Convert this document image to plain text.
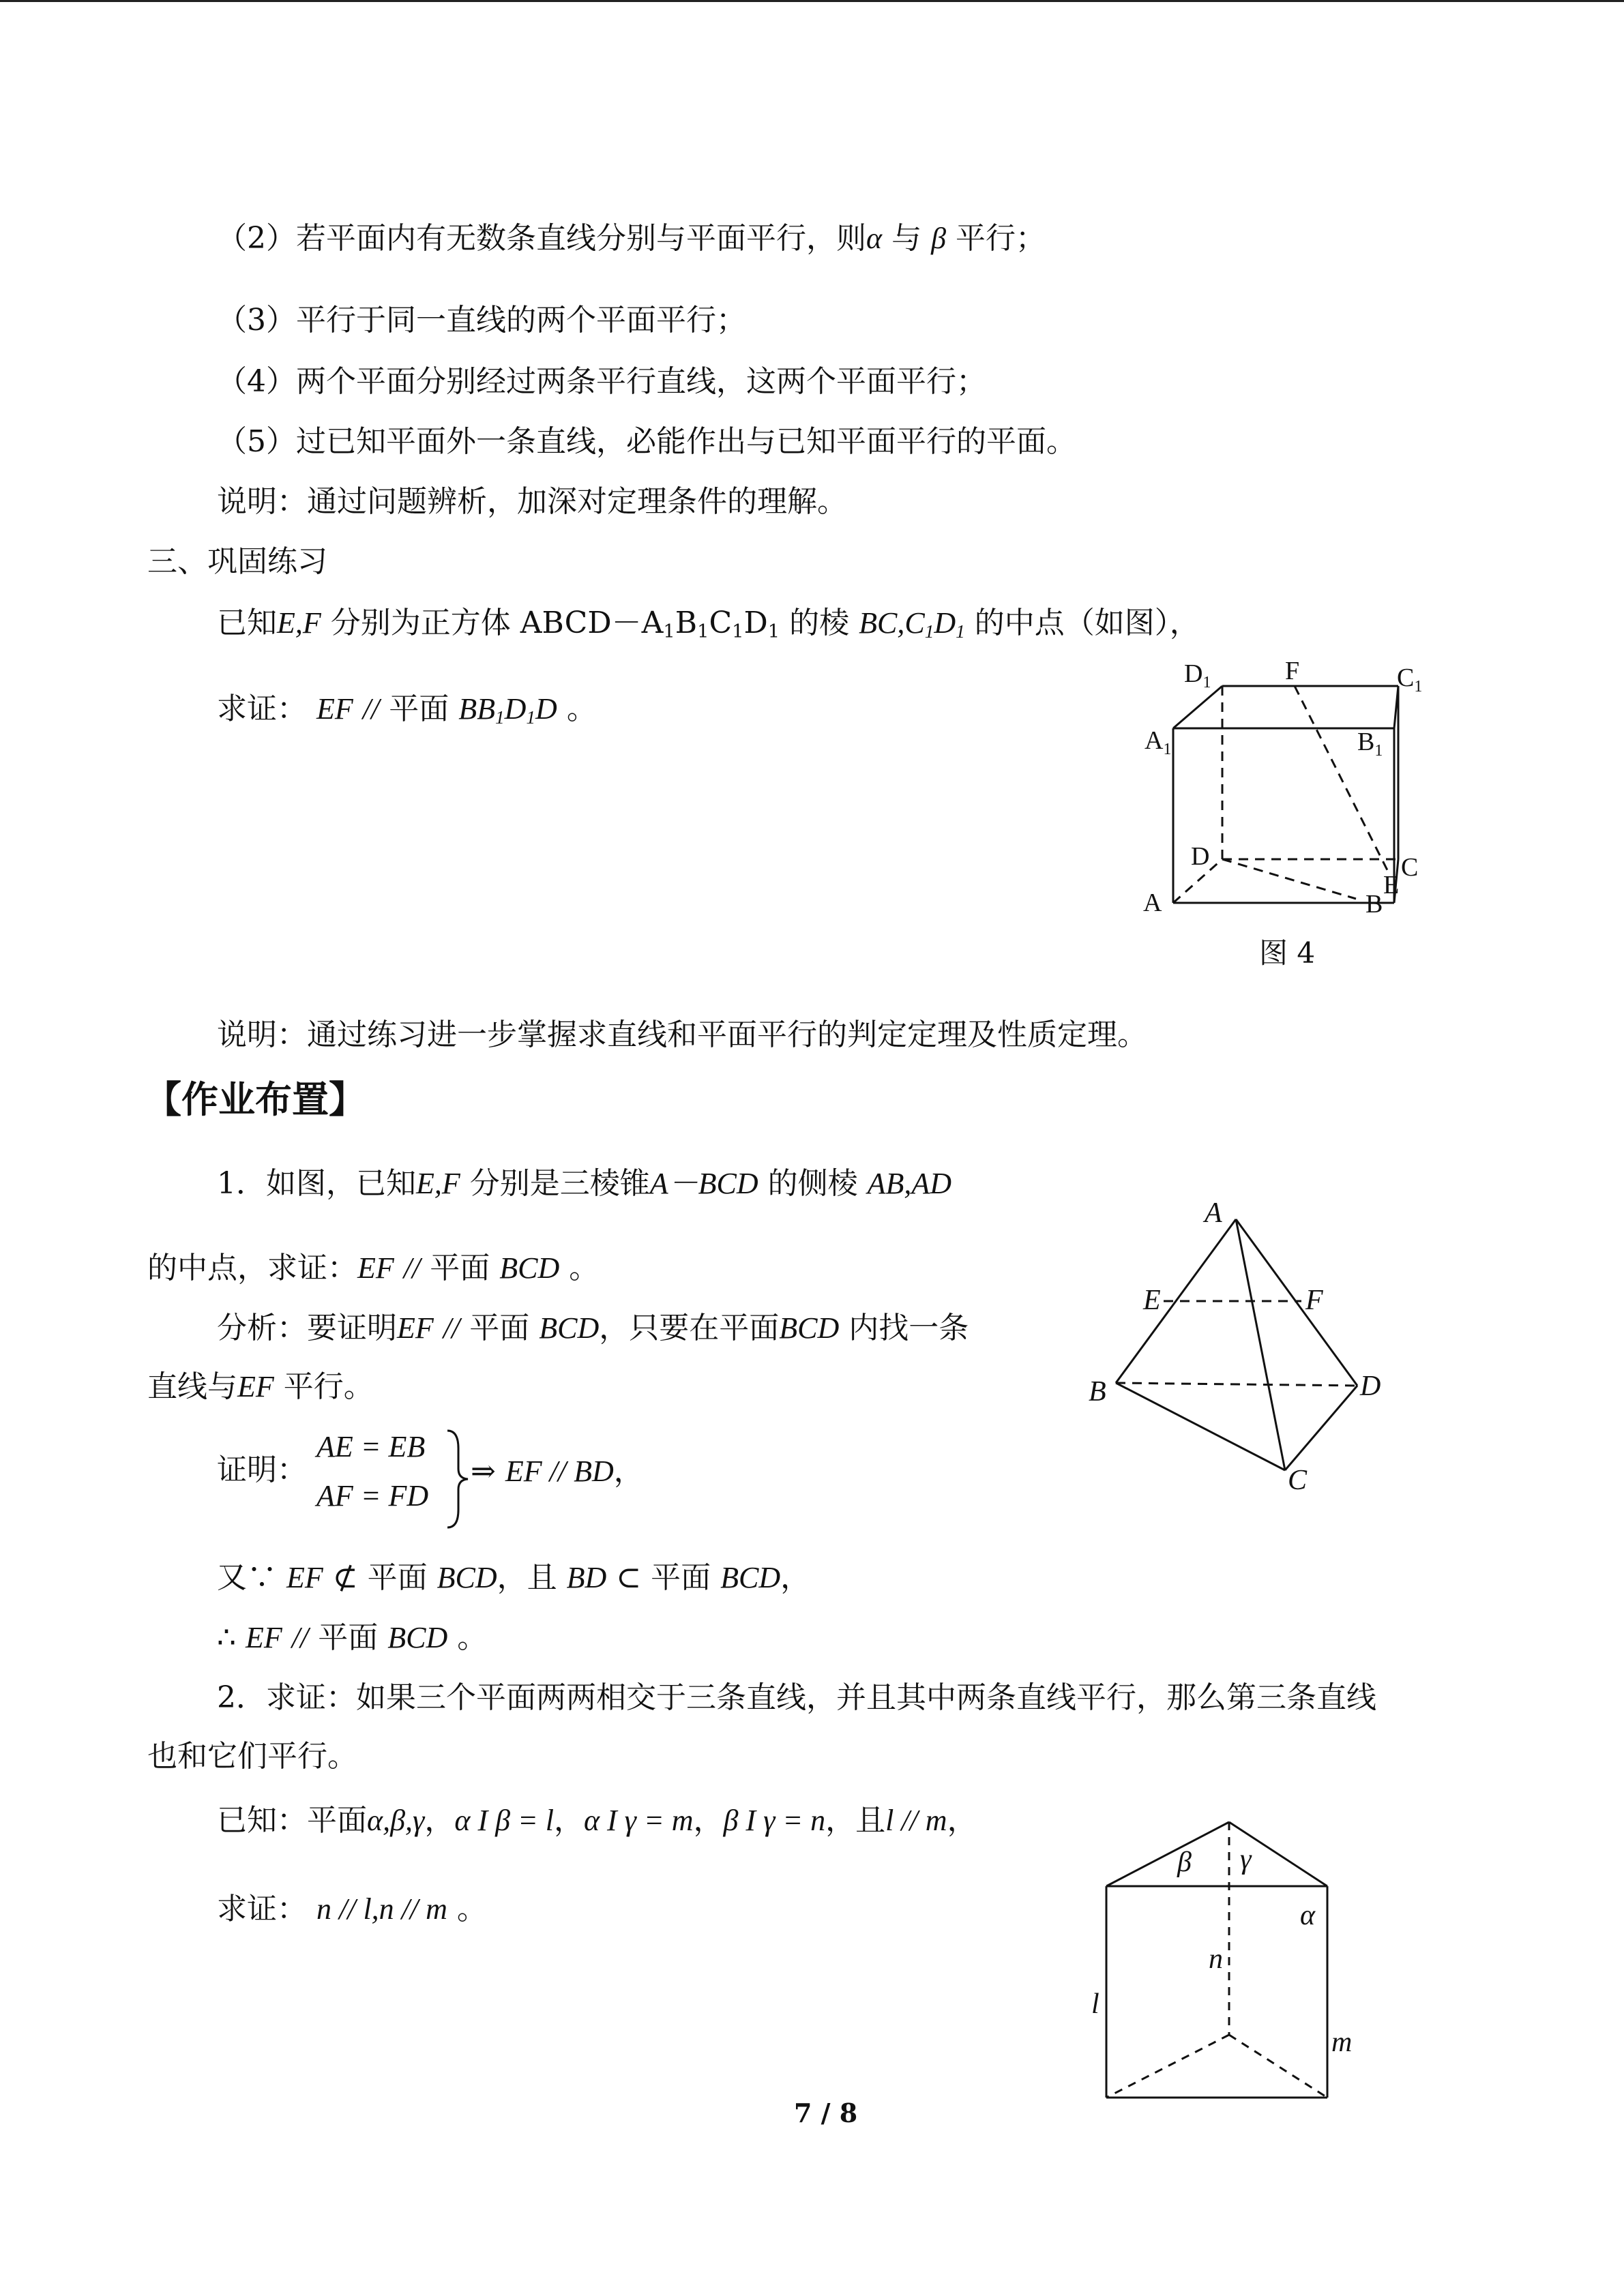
（2）若平面内有无数条直线分别与平面平行，则α 与 β 平行；
（3）平行于同一直线的两个平面平行；
（4）两个平面分别经过两条平行直线，这两个平面平行；
（5）过已知平面外一条直线，必能作出与已知平面平行的平面。
说明：通过问题辨析，加深对定理条件的理解。
三、巩固练习
已知E,F 分别为正方体 $ABCD-A_1B_1C_1D_1$ 的棱 $BC,C_1D_1$ 的中点（如图），
求证： EF // 平面 $BB_1D_1D$ 。
$D_1$	F	$C_1$
$A_1$	$B_1$
D	C
E
A	B
图 4
说明：通过练习进一步掌握求直线和平面平行的判定定理及性质定理。
【作业布置】
1．如图，已知E,F 分别是三棱锥A－BCD 的侧棱 AB,AD
的中点，求证：EF // 平面 BCD 。
分析：要证明EF // 平面 BCD，只要在平面BCD 内找一条
直线与EF 平行。
证明：
AE = EB
AF = FD
⇒ EF // BD，
又∵ EF ⊄ 平面 BCD，且 BD ⊂ 平面 BCD，
∴ EF // 平面 BCD 。
A
E	F
B	D
C
2．求证：如果三个平面两两相交于三条直线，并且其中两条直线平行，那么第三条直线
也和它们平行。
已知：平面α,β,γ，α I β = l，α I γ = m，β I γ = n，且l // m，
求证： n // l,n // m 。
β γ
α
n
l
m
7 / 8
